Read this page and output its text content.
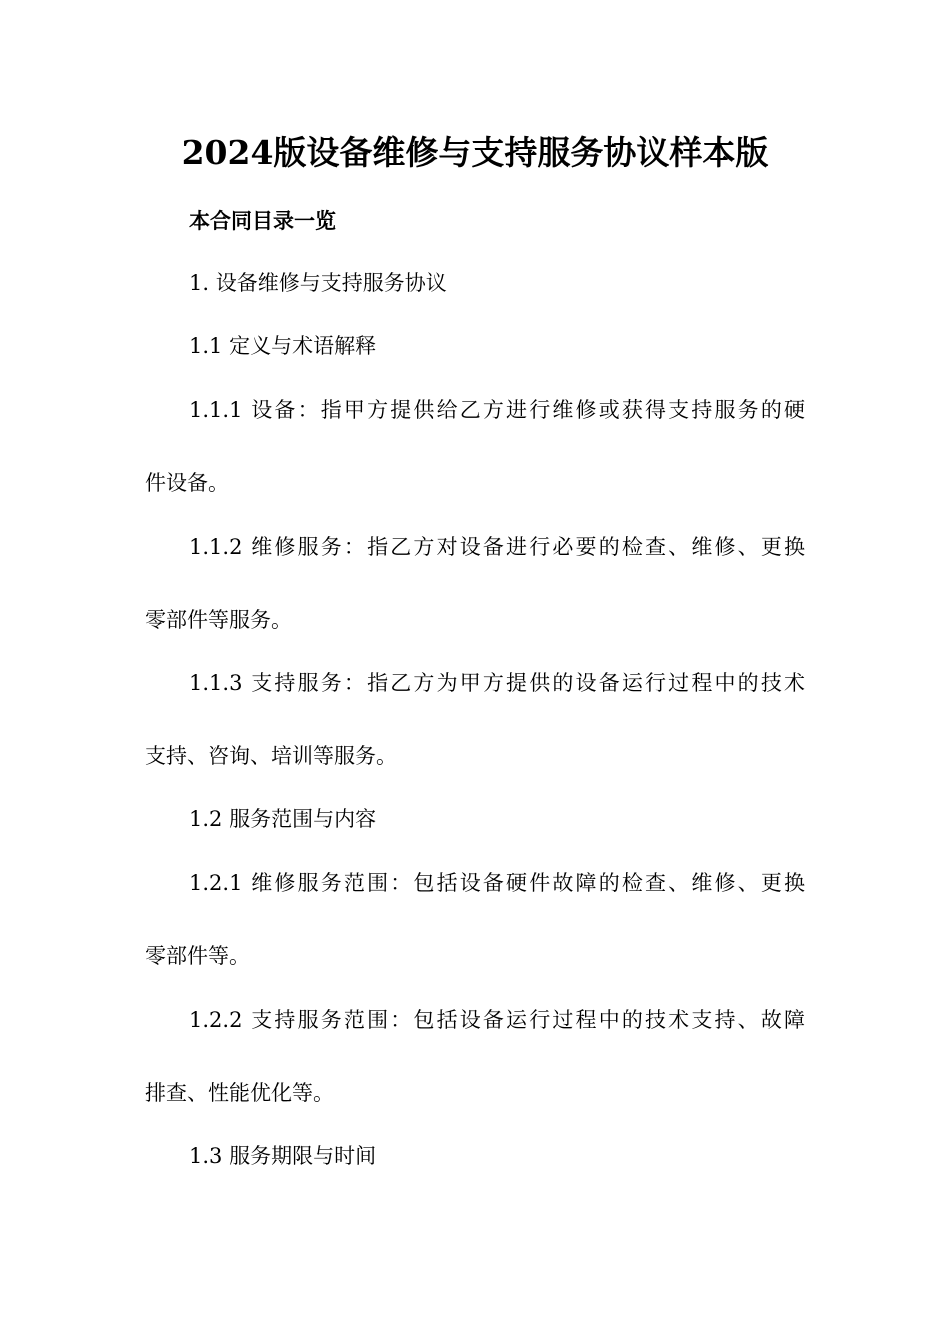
2024版设备维修与支持服务协议样本版

本合同目录一览

1. 设备维修与支持服务协议

1.1 定义与术语解释

1.1.1 设备：指甲方提供给乙方进行维修或获得支持服务的硬

件设备。

1.1.2 维修服务：指乙方对设备进行必要的检查、维修、更换

零部件等服务。

1.1.3 支持服务：指乙方为甲方提供的设备运行过程中的技术

支持、咨询、培训等服务。

1.2 服务范围与内容

1.2.1 维修服务范围：包括设备硬件故障的检查、维修、更换

零部件等。

1.2.2 支持服务范围：包括设备运行过程中的技术支持、故障

排查、性能优化等。

1.3 服务期限与时间
